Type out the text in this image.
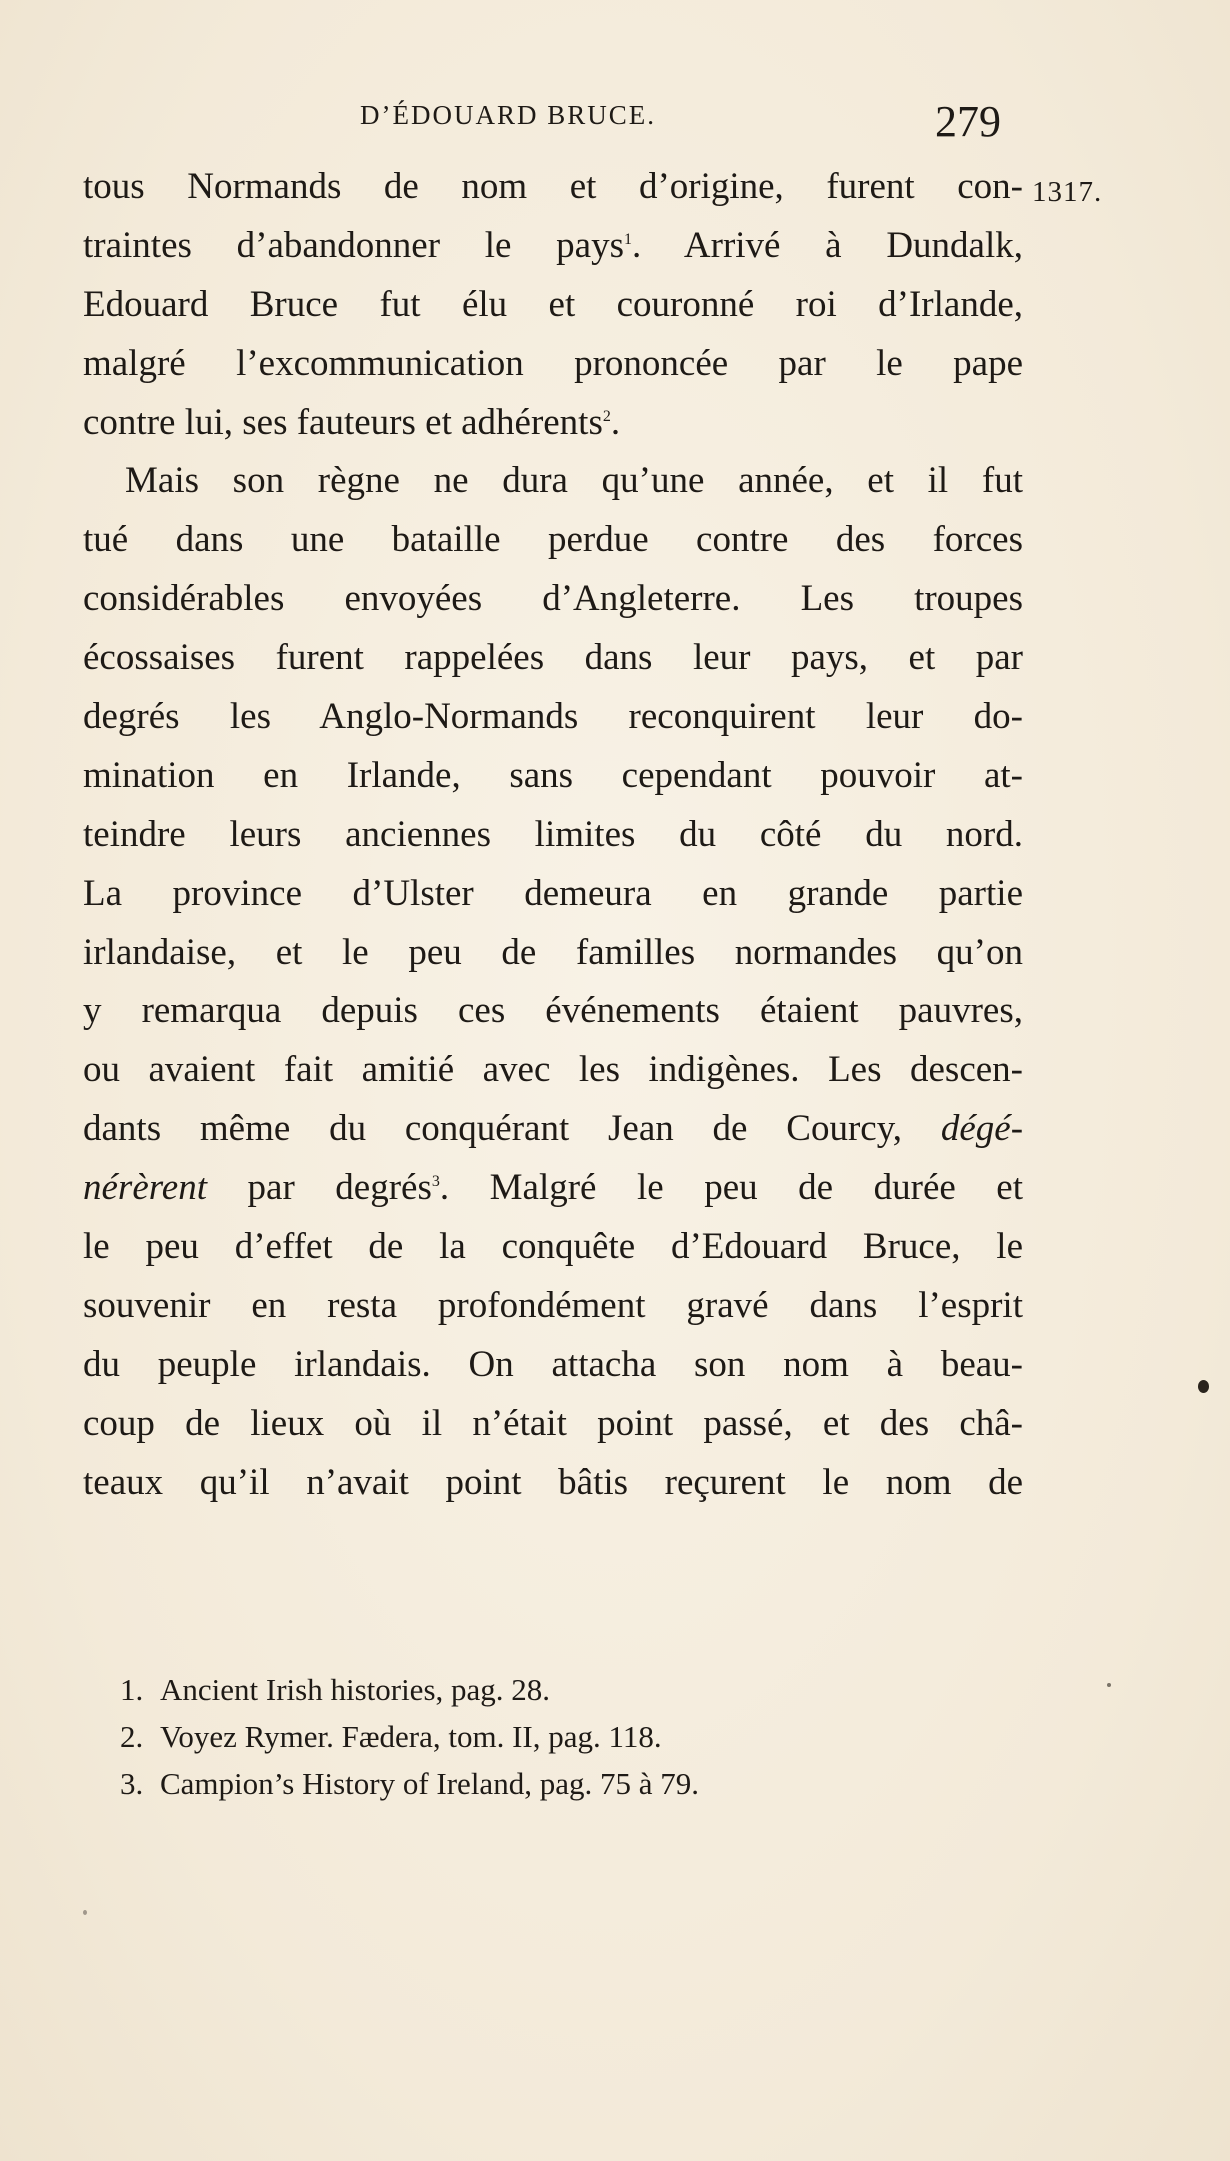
D’ÉDOUARD BRUCE.	279
1317.
tous Normands de nom et d’origine, furent con-
traintes d’abandonner le pays$^1$. Arrivé à Dundalk,
Edouard Bruce fut élu et couronné roi d’Irlande,
malgré l’excommunication prononcée par le pape
contre lui, ses fauteurs et adhérents$^2$.
Mais son règne ne dura qu’une année, et il fut
tué dans une bataille perdue contre des forces
considérables envoyées d’Angleterre. Les troupes
écossaises furent rappelées dans leur pays, et par
degrés les Anglo-Normands reconquirent leur do-
mination en Irlande, sans cependant pouvoir at-
teindre leurs anciennes limites du côté du nord.
La province d’Ulster demeura en grande partie
irlandaise, et le peu de familles normandes qu’on
y remarqua depuis ces événements étaient pauvres,
ou avaient fait amitié avec les indigènes. Les descen-
dants même du conquérant Jean de Courcy, dégé-
nérèrent par degrés$^3$. Malgré le peu de durée et
le peu d’effet de la conquête d’Edouard Bruce, le
souvenir en resta profondément gravé dans l’esprit
du peuple irlandais. On attacha son nom à beau-
coup de lieux où il n’était point passé, et des châ-
teaux qu’il n’avait point bâtis reçurent le nom de
1. Ancient Irish histories, pag. 28.
2. Voyez Rymer. Fædera, tom. II, pag. 118.
3. Campion’s History of Ireland, pag. 75 à 79.
